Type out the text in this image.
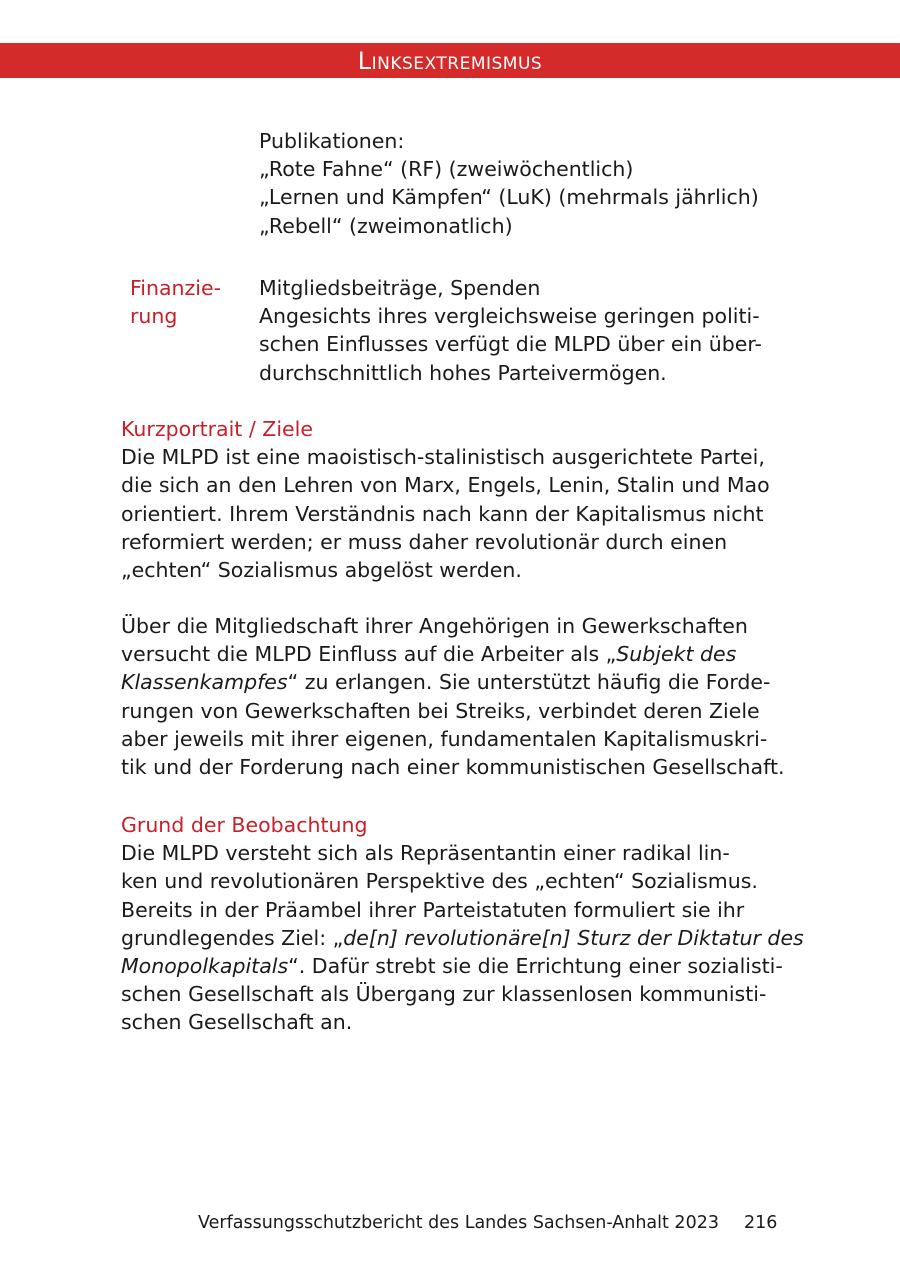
Linksextremismus
Publikationen:
„Rote Fahne“ (RF) (zweiwöchentlich)
„Lernen und Kämpfen“ (LuK) (mehrmals jährlich)
„Rebell“ (zweimonatlich)
Finanzie-
rung
Mitgliedsbeiträge, Spenden
Angesichts ihres vergleichsweise geringen politi-
schen Einflusses verfügt die MLPD über ein über-
durchschnittlich hohes Parteivermögen.
Kurzportrait / Ziele
Die MLPD ist eine maoistisch-stalinistisch ausgerichtete Partei,
die sich an den Lehren von Marx, Engels, Lenin, Stalin und Mao
orientiert. Ihrem Verständnis nach kann der Kapitalismus nicht
reformiert werden; er muss daher revolutionär durch einen
„echten“ Sozialismus abgelöst werden.
Über die Mitgliedschaft ihrer Angehörigen in Gewerkschaften
versucht die MLPD Einfluss auf die Arbeiter als „Subjekt des
Klassenkampfes“ zu erlangen. Sie unterstützt häufig die Forde-
rungen von Gewerkschaften bei Streiks, verbindet deren Ziele
aber jeweils mit ihrer eigenen, fundamentalen Kapitalismuskri-
tik und der Forderung nach einer kommunistischen Gesellschaft.
Grund der Beobachtung
Die MLPD versteht sich als Repräsentantin einer radikal lin-
ken und revolutionären Perspektive des „echten“ Sozialismus.
Bereits in der Präambel ihrer Parteistatuten formuliert sie ihr
grundlegendes Ziel: „de[n] revolutionäre[n] Sturz der Diktatur des
Monopolkapitals“. Dafür strebt sie die Errichtung einer sozialisti-
schen Gesellschaft als Übergang zur klassenlosen kommunisti-
schen Gesellschaft an.
Verfassungsschutzbericht des Landes Sachsen-Anhalt 2023 216
